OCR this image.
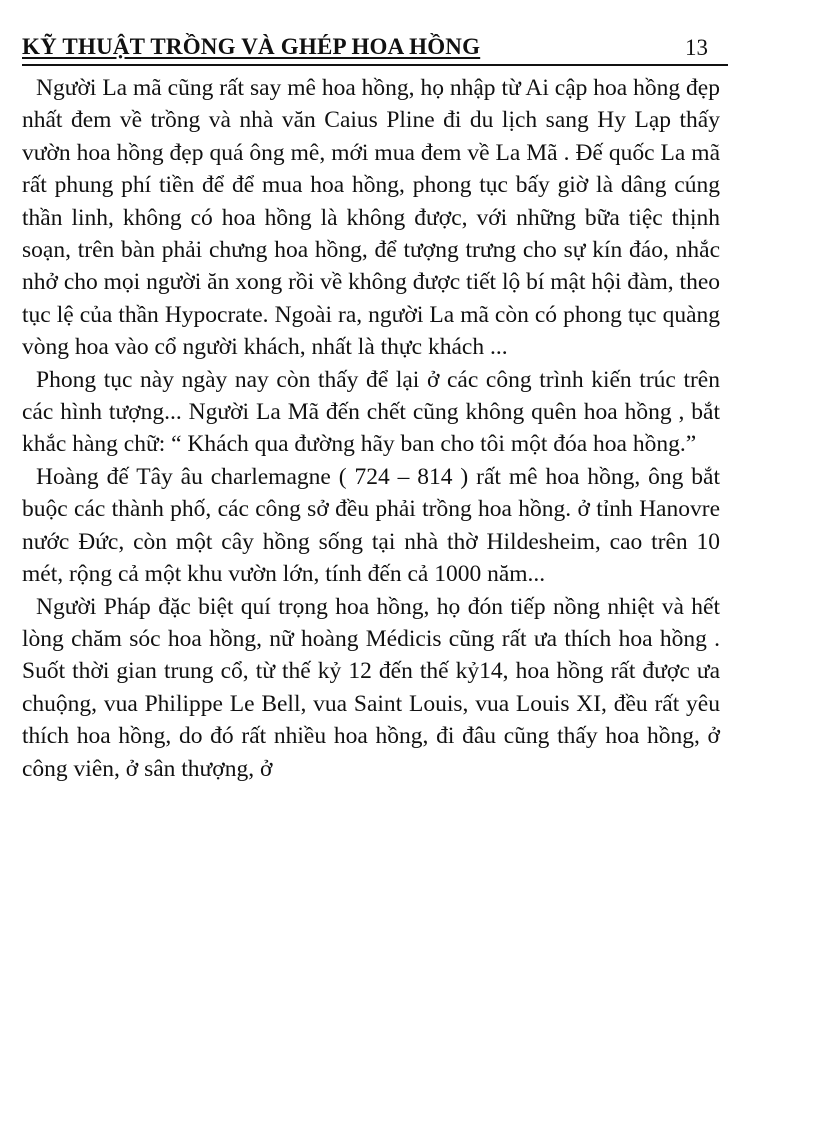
KỸ THUẬT TRỒNG VÀ GHÉP HOA HỒNG	13

Người La mã cũng rất say mê hoa hồng, họ nhập từ Ai cập hoa hồng đẹp nhất đem về trồng và nhà văn Caius Pline đi du lịch sang Hy Lạp thấy vườn hoa hồng đẹp quá ông mê, mới mua đem về La Mã . Đế quốc La mã rất phung phí tiền để để mua hoa hồng, phong tục bấy giờ là dâng cúng thần linh, không có hoa hồng là không được, với những bữa tiệc thịnh soạn, trên bàn phải chưng hoa hồng, để tượng trưng cho sự kín đáo, nhắc nhở cho mọi người ăn xong rồi về không được tiết lộ bí mật hội đàm, theo tục lệ của thần Hypocrate. Ngoài ra, người La mã còn có phong tục quàng vòng hoa vào cổ người khách, nhất là thực khách ...

Phong tục này ngày nay còn thấy để lại ở các công trình kiến trúc trên các hình tượng... Người La Mã đến chết cũng không quên hoa hồng , bắt khắc hàng chữ: “ Khách qua đường hãy ban cho tôi một đóa hoa hồng.”

Hoàng đế Tây âu charlemagne ( 724 – 814 ) rất mê hoa hồng, ông bắt buộc các thành phố, các công sở đều phải trồng hoa hồng. ở tỉnh Hanovre nước Đức, còn một cây hồng sống tại nhà thờ Hildesheim, cao trên 10 mét, rộng cả một khu vườn lớn, tính đến cả 1000 năm...

Người Pháp đặc biệt quí trọng hoa hồng, họ đón tiếp nồng nhiệt và hết lòng chăm sóc hoa hồng, nữ hoàng Médicis cũng rất ưa thích hoa hồng . Suốt thời gian trung cổ, từ thế kỷ 12 đến thế kỷ14, hoa hồng rất được ưa chuộng, vua Philippe Le Bell, vua Saint Louis, vua Louis XI, đều rất yêu thích hoa hồng, do đó rất nhiều hoa hồng, đi đâu cũng thấy hoa hồng, ở công viên, ở sân thượng, ở
